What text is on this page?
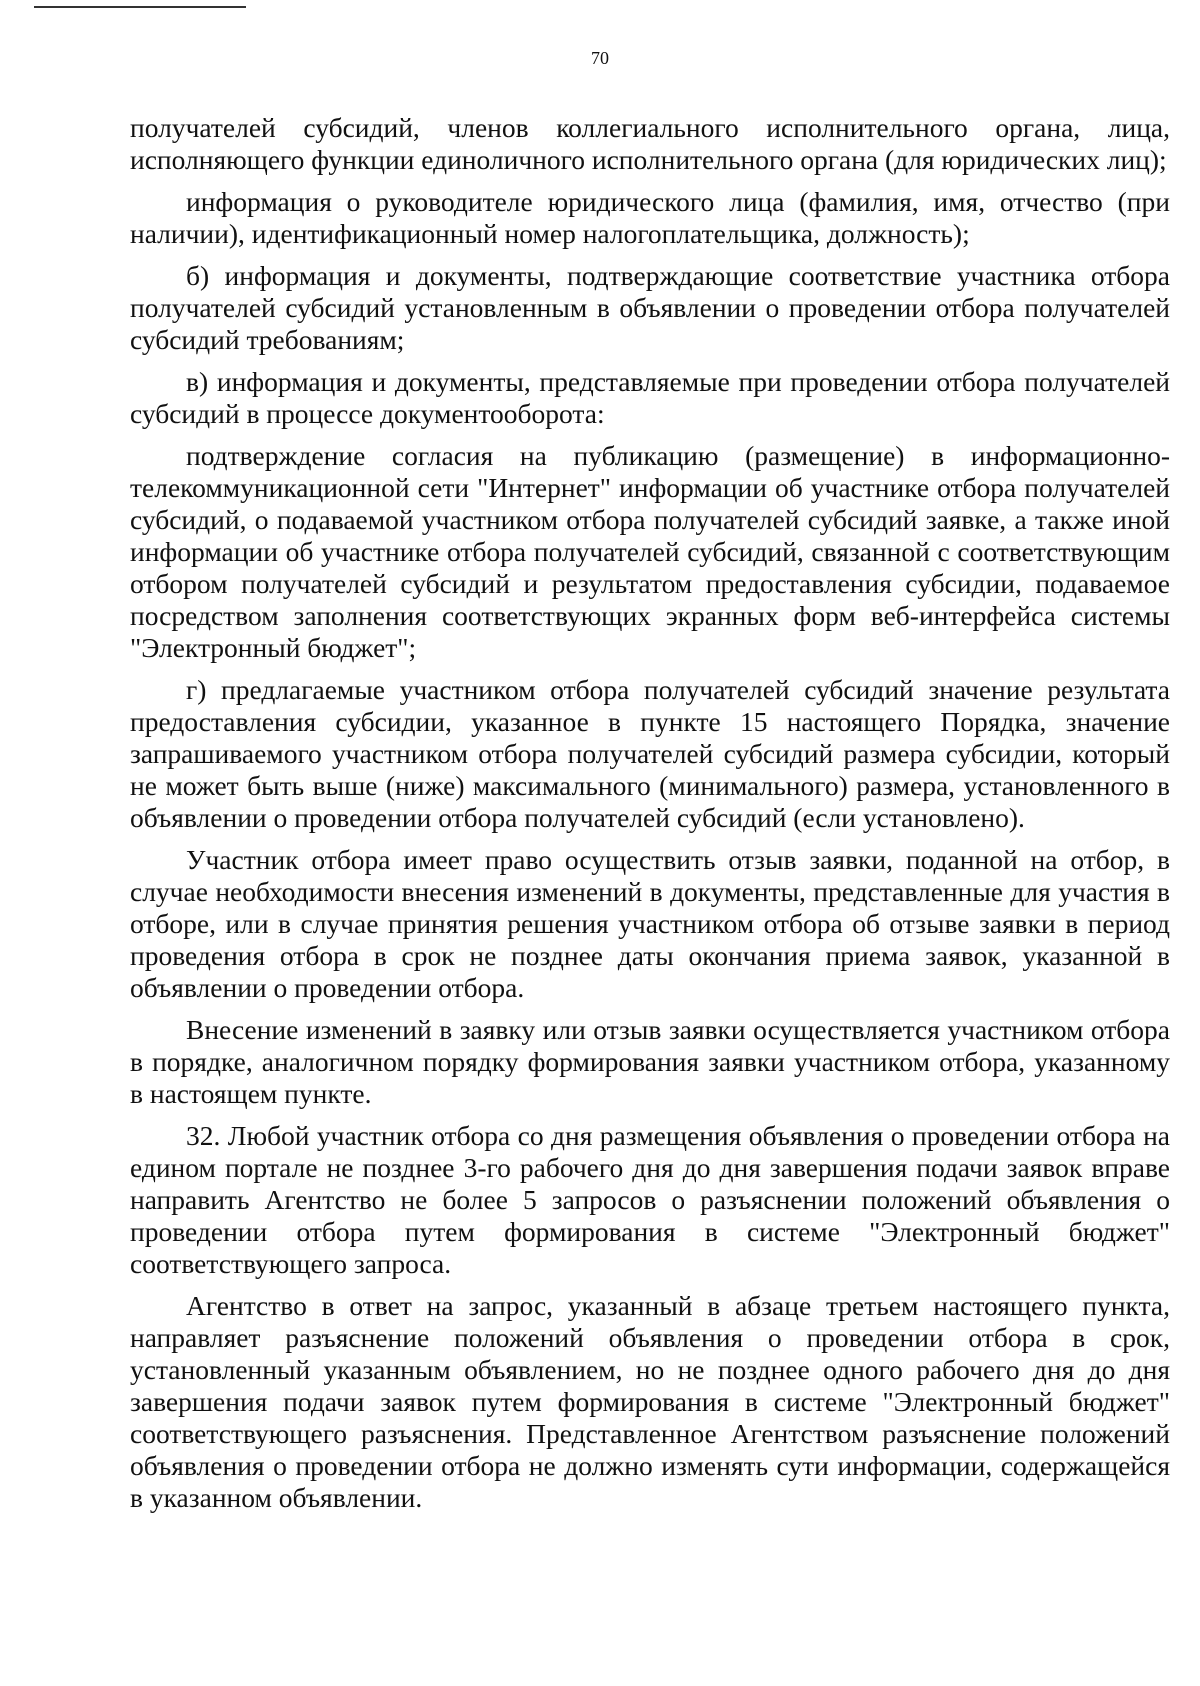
70

получателей субсидий, членов коллегиального исполнительного органа, лица, исполняющего функции единоличного исполнительного органа (для юридических лиц);

информация о руководителе юридического лица (фамилия, имя, отчество (при наличии), идентификационный номер налогоплательщика, должность);

б) информация и документы, подтверждающие соответствие участника отбора получателей субсидий установленным в объявлении о проведении отбора получателей субсидий требованиям;

в) информация и документы, представляемые при проведении отбора получателей субсидий в процессе документооборота:

подтверждение согласия на публикацию (размещение) в информационно-телекоммуникационной сети "Интернет" информации об участнике отбора получателей субсидий, о подаваемой участником отбора получателей субсидий заявке, а также иной информации об участнике отбора получателей субсидий, связанной с соответствующим отбором получателей субсидий и результатом предоставления субсидии, подаваемое посредством заполнения соответствующих экранных форм веб-интерфейса системы "Электронный бюджет";

г) предлагаемые участником отбора получателей субсидий значение результата предоставления субсидии, указанное в пункте 15 настоящего Порядка, значение запрашиваемого участником отбора получателей субсидий размера субсидии, который не может быть выше (ниже) максимального (минимального) размера, установленного в объявлении о проведении отбора получателей субсидий (если установлено).

Участник отбора имеет право осуществить отзыв заявки, поданной на отбор, в случае необходимости внесения изменений в документы, представленные для участия в отборе, или в случае принятия решения участником отбора об отзыве заявки в период проведения отбора в срок не позднее даты окончания приема заявок, указанной в объявлении о проведении отбора.

Внесение изменений в заявку или отзыв заявки осуществляется участником отбора в порядке, аналогичном порядку формирования заявки участником отбора, указанному в настоящем пункте.

32. Любой участник отбора со дня размещения объявления о проведении отбора на едином портале не позднее 3-го рабочего дня до дня завершения подачи заявок вправе направить Агентство не более 5 запросов о разъяснении положений объявления о проведении отбора путем формирования в системе "Электронный бюджет" соответствующего запроса.

Агентство в ответ на запрос, указанный в абзаце третьем настоящего пункта, направляет разъяснение положений объявления о проведении отбора в срок, установленный указанным объявлением, но не позднее одного рабочего дня до дня завершения подачи заявок путем формирования в системе "Электронный бюджет" соответствующего разъяснения. Представленное Агентством разъяснение положений объявления о проведении отбора не должно изменять сути информации, содержащейся в указанном объявлении.
